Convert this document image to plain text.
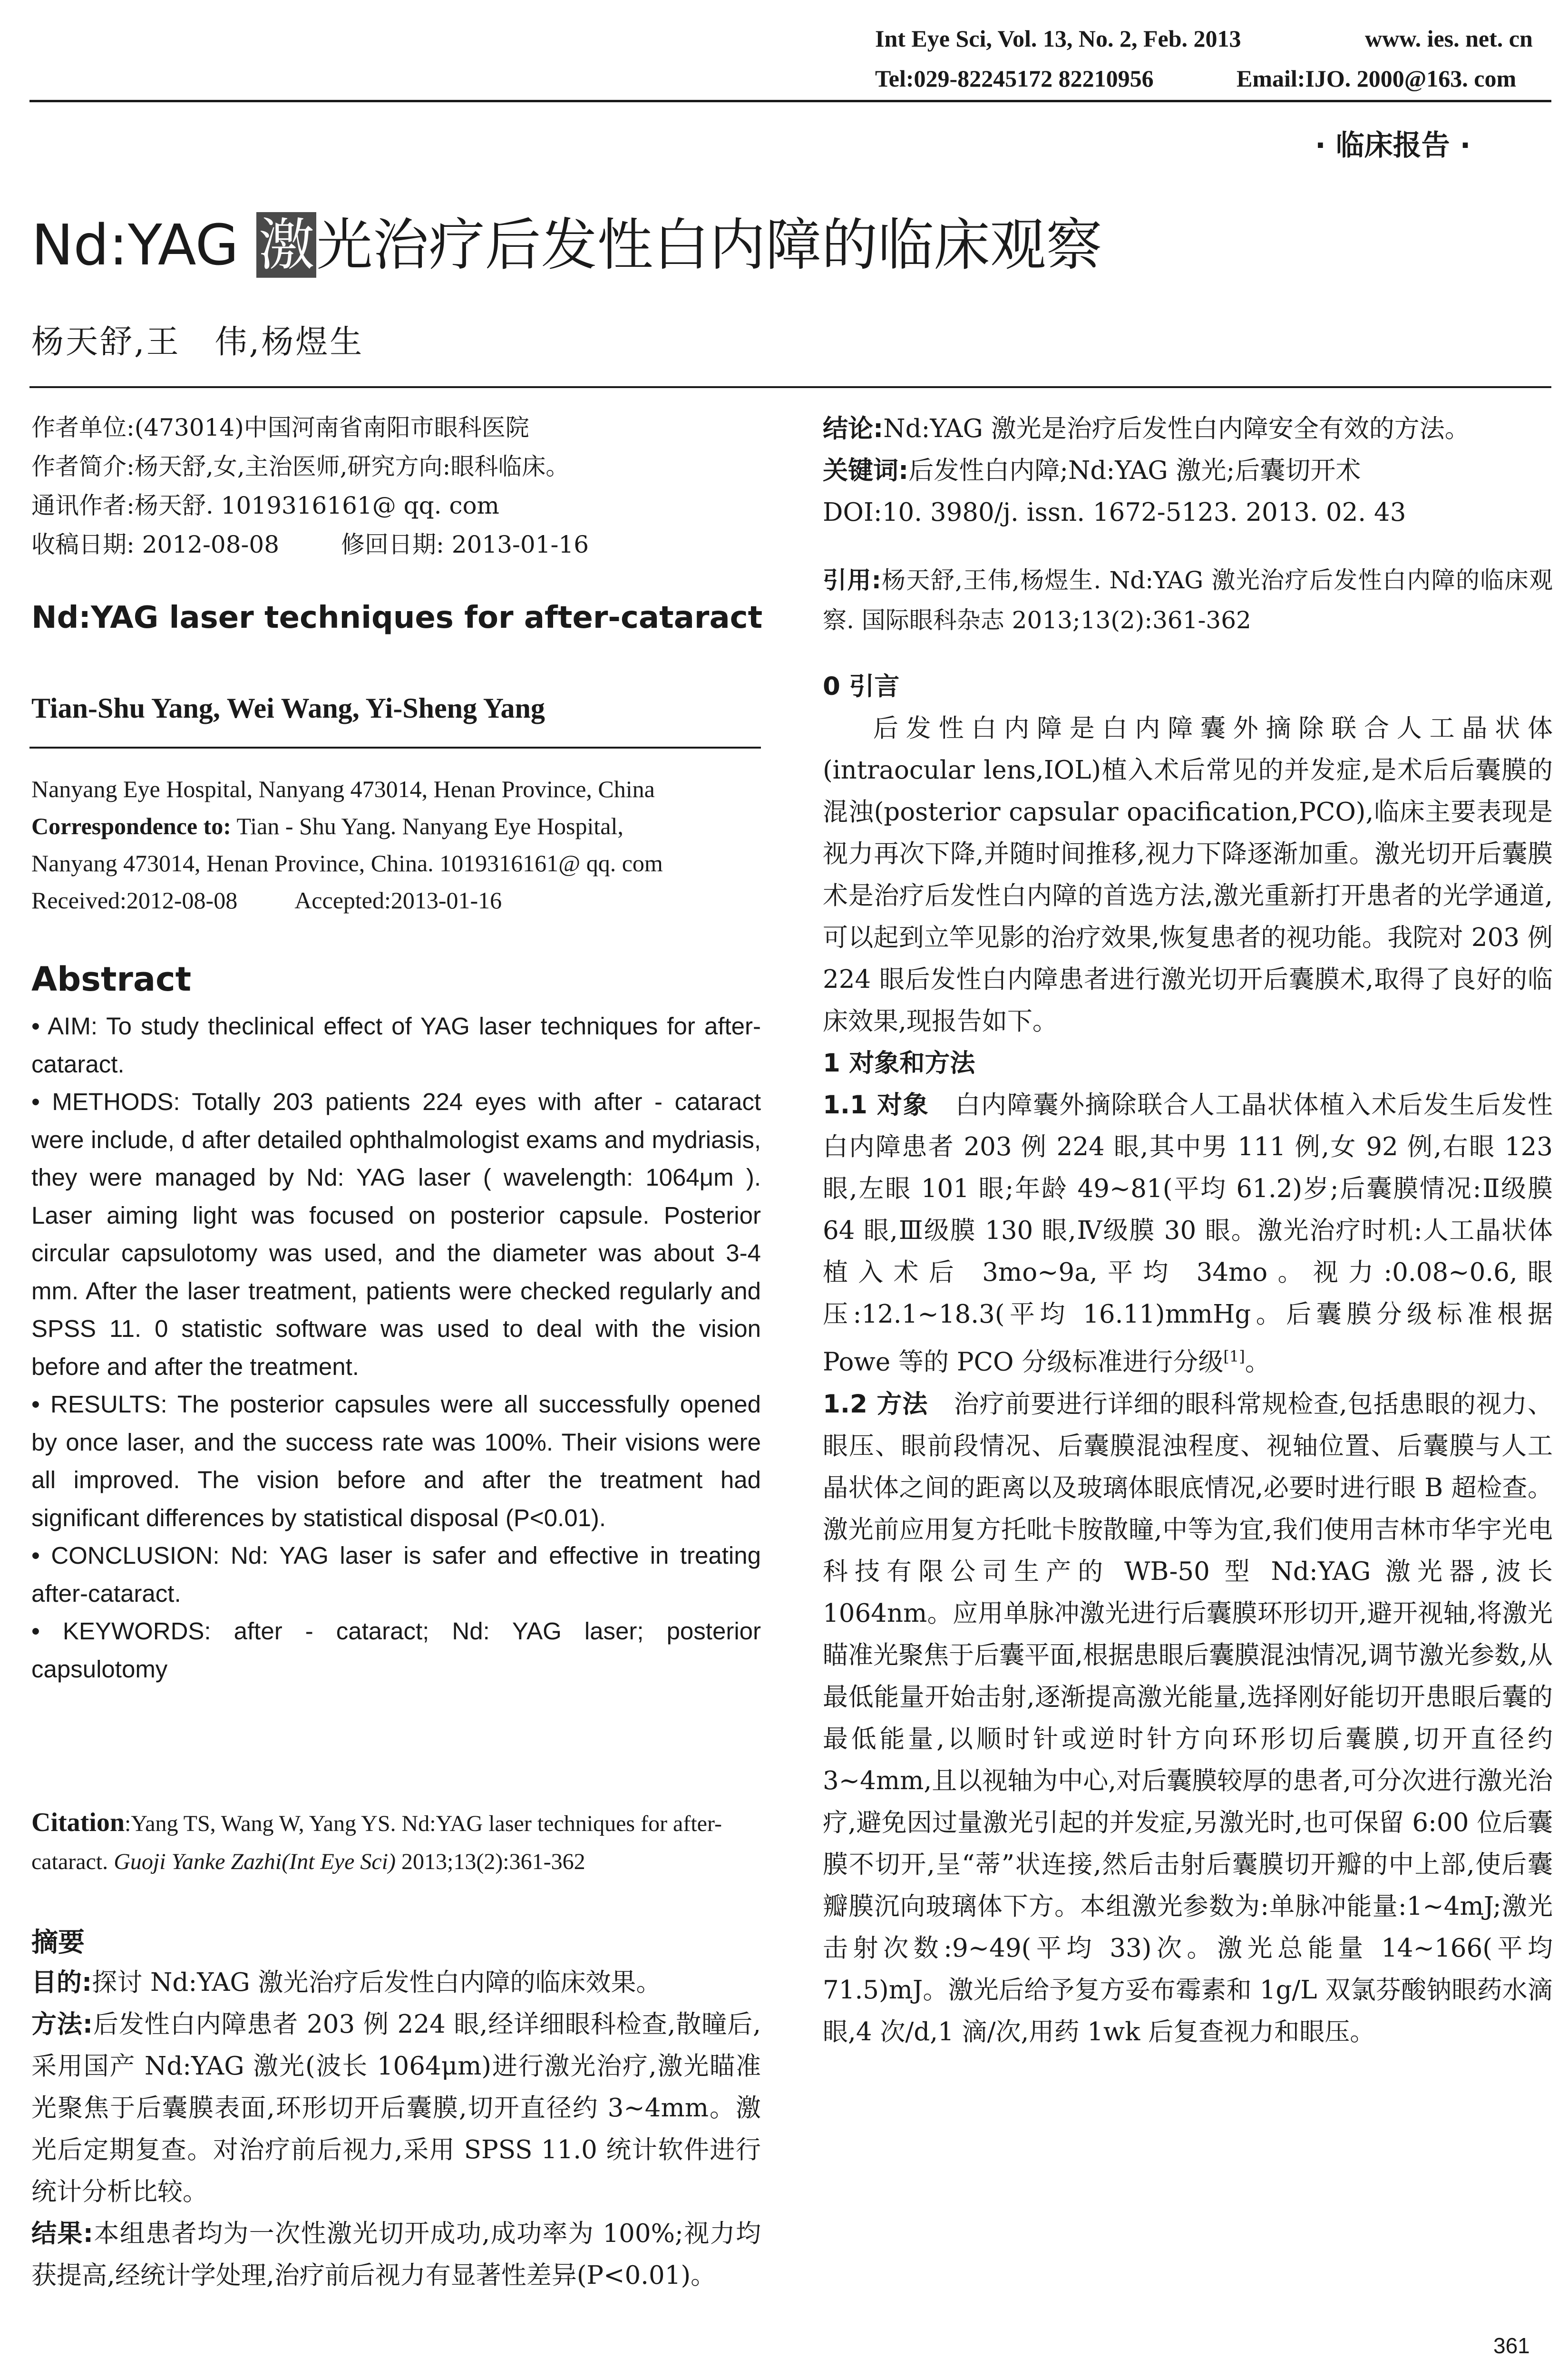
Int Eye Sci, Vol. 13, No. 2, Feb. 2013	www. ies. net. cn
Tel:029-82245172 82210956	Email:IJO. 2000@163. com
· 临床报告 ·
Nd:YAG 激光治疗后发性白内障的临床观察
杨天舒,王　伟,杨煜生

作者单位:(473014)中国河南省南阳市眼科医院

作者简介:杨天舒,女,主治医师,研究方向:眼科临床。

通讯作者:杨天舒. 1019316161@ qq. com

收稿日期: 2012-08-08	修回日期: 2013-01-16

Nd:YAG laser techniques for after-cataract
Tian-Shu Yang, Wei Wang, Yi-Sheng Yang

Nanyang Eye Hospital, Nanyang 473014, Henan Province, China

Correspondence to: Tian - Shu Yang. Nanyang Eye Hospital,

Nanyang 473014, Henan Province, China. 1019316161@ qq. com

Received:2012-08-08 Accepted:2013-01-16

Abstract

• AIM: To study theclinical effect of YAG laser techniques for after-cataract.

• METHODS: Totally 203 patients 224 eyes with after - cataract were include, d after detailed ophthalmologist exams and mydriasis, they were managed by Nd: YAG laser ( wavelength: 1064μm ). Laser aiming light was focused on posterior capsule. Posterior circular capsulotomy was used, and the diameter was about 3-4 mm. After the laser treatment, patients were checked regularly and SPSS 11. 0 statistic software was used to deal with the vision before and after the treatment.

• RESULTS: The posterior capsules were all successfully opened by once laser, and the success rate was 100%. Their visions were all improved. The vision before and after the treatment had significant differences by statistical disposal (P<0.01).

• CONCLUSION: Nd: YAG laser is safer and effective in treating after-cataract.

• KEYWORDS: after - cataract; Nd: YAG laser; posterior capsulotomy

Citation:Yang TS, Wang W, Yang YS. Nd:YAG laser techniques for after-cataract. Guoji Yanke Zazhi(Int Eye Sci) 2013;13(2):361-362

摘要

目的:探讨 Nd:YAG 激光治疗后发性白内障的临床效果。

方法:后发性白内障患者 203 例 224 眼,经详细眼科检查,散瞳后,采用国产 Nd:YAG 激光(波长 1064μm)进行激光治疗,激光瞄准光聚焦于后囊膜表面,环形切开后囊膜,切开直径约 3~4mm。激光后定期复查。对治疗前后视力,采用 SPSS 11.0 统计软件进行统计分析比较。

结果:本组患者均为一次性激光切开成功,成功率为 100%;视力均获提高,经统计学处理,治疗前后视力有显著性差异(P<0.01)。

结论:Nd:YAG 激光是治疗后发性白内障安全有效的方法。

关键词:后发性白内障;Nd:YAG 激光;后囊切开术

DOI:10. 3980/j. issn. 1672-5123. 2013. 02. 43

引用:杨天舒,王伟,杨煜生. Nd:YAG 激光治疗后发性白内障的临床观察. 国际眼科杂志 2013;13(2):361-362

0 引言

后发性白内障是白内障囊外摘除联合人工晶状体(intraocular lens,IOL)植入术后常见的并发症,是术后后囊膜的混浊(posterior capsular opacification,PCO),临床主要表现是视力再次下降,并随时间推移,视力下降逐渐加重。激光切开后囊膜术是治疗后发性白内障的首选方法,激光重新打开患者的光学通道,可以起到立竿见影的治疗效果,恢复患者的视功能。我院对 203 例 224 眼后发性白内障患者进行激光切开后囊膜术,取得了良好的临床效果,现报告如下。

1 对象和方法

1.1 对象　 白内障囊外摘除联合人工晶状体植入术后发生后发性白内障患者 203 例 224 眼,其中男 111 例,女 92 例,右眼 123 眼,左眼 101 眼;年龄 49~81(平均 61.2)岁;后囊膜情况:Ⅱ级膜 64 眼,Ⅲ级膜 130 眼,Ⅳ级膜 30 眼。激光治疗时机:人工晶状体植入术后 3mo~9a,平均 34mo。视力:0.08~0.6,眼压:12.1~18.3(平均 16.11)mmHg。后囊膜分级标准根据 Powe 等的 PCO 分级标准进行分级[1]。

1.2 方法　 治疗前要进行详细的眼科常规检查,包括患眼的视力、眼压、眼前段情况、后囊膜混浊程度、视轴位置、后囊膜与人工晶状体之间的距离以及玻璃体眼底情况,必要时进行眼 B 超检查。激光前应用复方托吡卡胺散瞳,中等为宜,我们使用吉林市华宇光电科技有限公司生产的 WB-50 型 Nd:YAG 激光器,波长 1064nm。应用单脉冲激光进行后囊膜环形切开,避开视轴,将激光瞄准光聚焦于后囊平面,根据患眼后囊膜混浊情况,调节激光参数,从最低能量开始击射,逐渐提高激光能量,选择刚好能切开患眼后囊的最低能量,以顺时针或逆时针方向环形切后囊膜,切开直径约 3~4mm,且以视轴为中心,对后囊膜较厚的患者,可分次进行激光治疗,避免因过量激光引起的并发症,另激光时,也可保留 6:00 位后囊膜不切开,呈“蒂”状连接,然后击射后囊膜切开瓣的中上部,使后囊瓣膜沉向玻璃体下方。本组激光参数为:单脉冲能量:1~4mJ;激光击射次数:9~49(平均 33)次。激光总能量 14~166(平均 71.5)mJ。激光后给予复方妥布霉素和 1g/L 双氯芬酸钠眼药水滴眼,4 次/d,1 滴/次,用药 1wk 后复查视力和眼压。

361
